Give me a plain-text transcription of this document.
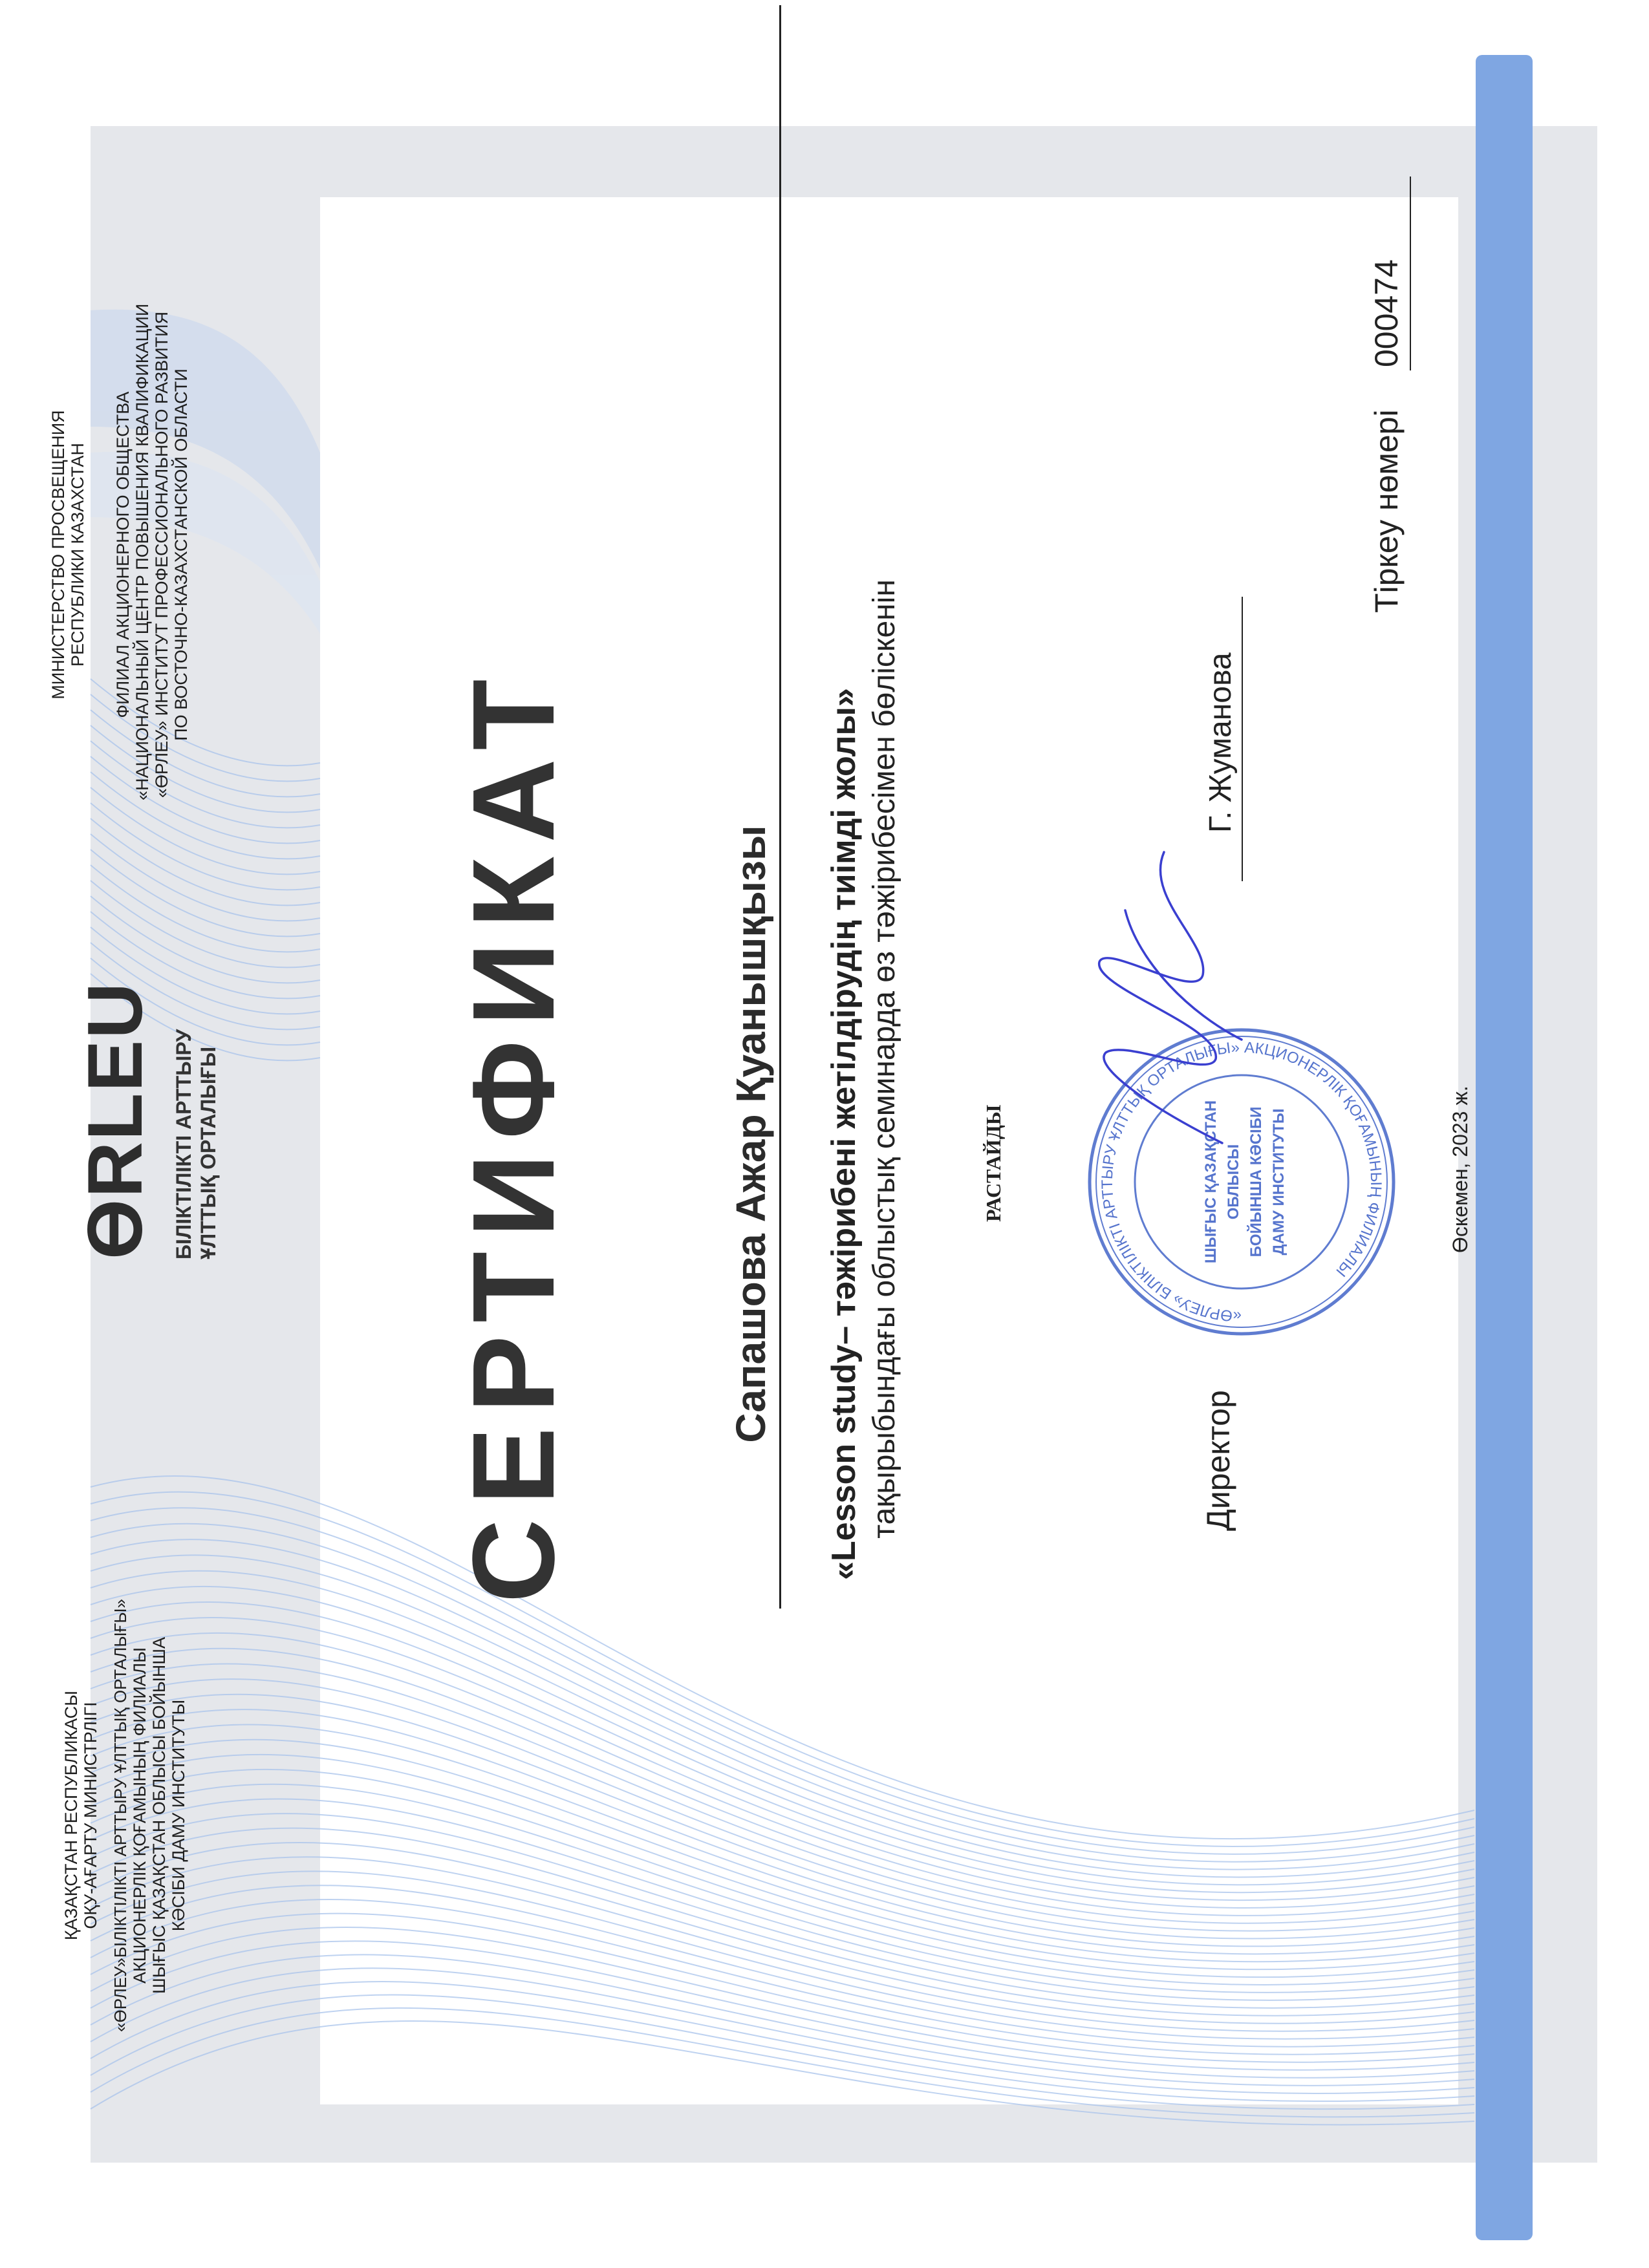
ҚАЗАҚСТАН РЕСПУБЛИКАСЫ ОҚУ-АҒАРТУ МИНИСТРЛІГІ «ӨРЛЕУ»БІЛІКТІЛІКТІ АРТТЫРУ ҰЛТТЫҚ ОРТАЛЫҒЫ» АКЦИОНЕРЛІК ҚОҒАМЫНЫҢ ФИЛИАЛЫ ШЫҒЫС ҚАЗАҚСТАН ОБЛЫСЫ БОЙЫНША КӘСІБИ ДАМУ ИНСТИТУТЫ
ӨRLEU БІЛІКТІЛІКТІ АРТТЫРУ ҰЛТТЫҚ ОРТАЛЫҒЫ
МИНИСТЕРСТВО ПРОСВЕЩЕНИЯ РЕСПУБЛИКИ КАЗАХСТАН ФИЛИАЛ АКЦИОНЕРНОГО ОБЩЕСТВА «НАЦИОНАЛЬНЫЙ ЦЕНТР ПОВЫШЕНИЯ КВАЛИФИКАЦИИ «ӨРЛЕУ» ИНСТИТУТ ПРОФЕССИОНАЛЬНОГО РАЗВИТИЯ ПО ВОСТОЧНО-КАЗАХСТАНСКОЙ ОБЛАСТИ
СЕРТИФИКАТ	Сапашова Ажар Қуанышқызы «Lesson study– тәжірибені жетілдірудің тиімді жолы» тақырыбындағы облыстық семинарда өз тәжірибесімен бөліскенін	РАСТАЙДЫ
Директор
Г. Жуманова
Тіркеу нөмері
000474
Өскемен, 2023 ж.
«ӨРЛЕУ» БІЛІКТІЛІКТІ АРТТЫРУ ҰЛТТЫҚ ОРТАЛЫҒЫ» АКЦИОНЕРЛІК ҚОҒАМЫНЫҢ ФИЛИАЛЫ
ШЫҒЫС ҚАЗАҚСТАН ОБЛЫСЫ БОЙЫНША КӘСІБИ ДАМУ ИНСТИТУТЫ
